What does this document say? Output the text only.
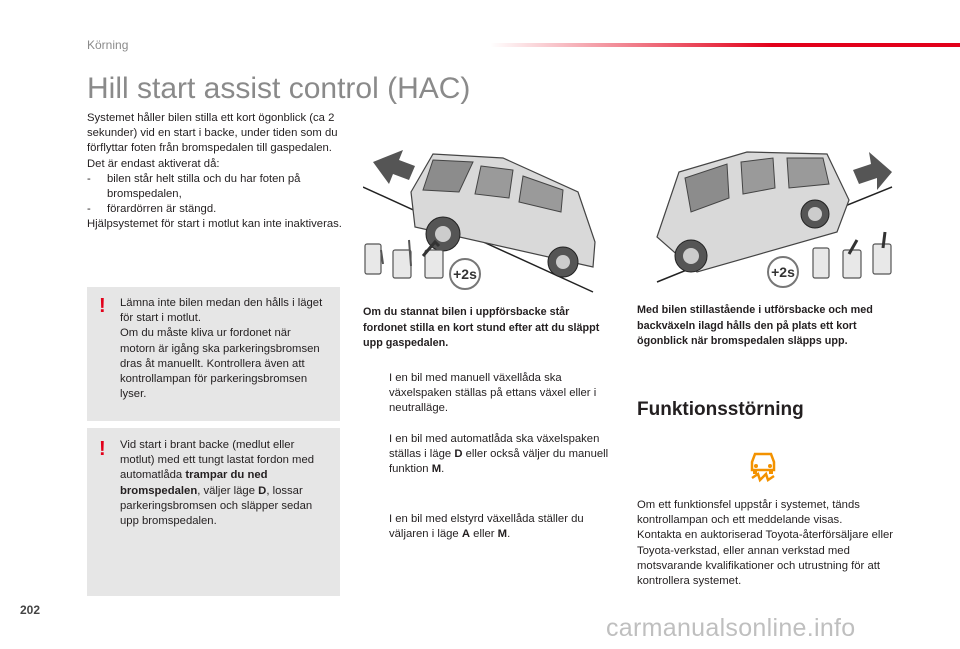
Körning
Hill start assist control (HAC)

Systemet håller bilen stilla ett kort ögonblick (ca 2 sekunder) vid en start i backe, under tiden som du förflyttar foten från bromspedalen till gaspedalen.

Det är endast aktiverat då:

-	bilen står helt stilla och du har foten på bromspedalen,
-	förardörren är stängd.

Hjälpsystemet för start i motlut kan inte inaktiveras.

! Lämna inte bilen medan den hålls i läget för start i motlut.
Om du måste kliva ur fordonet när motorn är igång ska parkeringsbromsen dras åt manuellt. Kontrollera även att kontrollampan för parkeringsbromsen lyser.
! Vid start i brant backe (medlut eller motlut) med ett tungt lastat fordon med automatlåda trampar du ned bromspedalen, väljer läge D, lossar parkeringsbromsen och släpper sedan upp bromspedalen.
+2s	+2s
Om du stannat bilen i uppförsbacke står fordonet stilla en kort stund efter att du släppt upp gaspedalen.
I en bil med manuell växellåda ska växelspaken ställas på ettans växel eller i neutralläge.
I en bil med automatlåda ska växelspaken ställas i läge D eller också väljer du manuell funktion M.
I en bil med elstyrd växellåda ställer du väljaren i läge A eller M.
Med bilen stillastående i utförsbacke och med backväxeln ilagd hålls den på plats ett kort ögonblick när bromspedalen släpps upp.
Funktionsstörning
Om ett funktionsfel uppstår i systemet, tänds kontrollampan och ett meddelande visas.
Kontakta en auktoriserad Toyota-återförsäljare eller Toyota-verkstad, eller annan verkstad med motsvarande kvalifikationer och utrustning för att kontrollera systemet.
202
carmanualsonline.info
